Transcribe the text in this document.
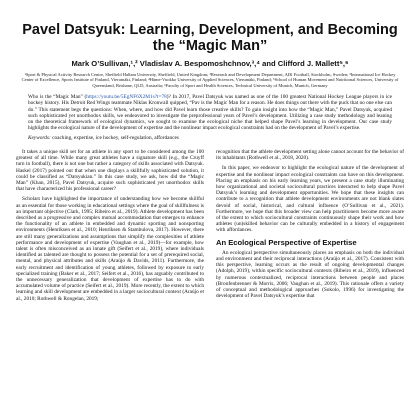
Pavel Datsyuk: Learning, Development, and Becoming
the “Magic Man”
Mark O’Sullivan,¹,² Vladislav A. Bespomoshchnov,³,⁴ and Clifford J. Mallett⁵,⁶
¹Sport & Physical Activity Research Centre, Sheffield Hallam University, Sheffield, United Kingdom; ²Research and Development Department, AIK Football, Stockholm, Sweden; ³International Ice Hockey Center of Excellence, Sports Institute of Finland, Vierumäki, Finland; ⁴Häme-Vuokko University of Applied Sciences, Vierumäki, Finland; ⁵School of Human Movement and Nutritional Sciences, University of Queensland, Brisbane, QLD, Australia; ⁶Faculty of Sport and Health Sciences, Technical University of Munich, Munich, Germany
Who is the “Magic Man” (https://youtu.be/5EgNF6X2M1s?t=78)? In 2017, Pavel Datsyuk was named as one of the 100 greatest National Hockey League players in ice hockey history. His Detroit Red Wings teammate Niklas Kronwall quipped, “Pav is the Magic Man for a reason. He does things out there with the puck that no one else can do.” This statement begs the questions: When, where, and how did Pavel learn those creative skills? To gain insight into how the “Magic Man,” Pavel Datsyuk, acquired such sophisticated yet unorthodox skills, we endeavored to investigate the preprofessional years of Pavel’s development. Utilizing a case study methodology and leaning on the theoretical framework of ecological dynamics, we sought to examine the ecological niche that helped shape Pavel’s learning in development. Our case study highlights the ecological nature of the development of expertise and the nonlinear impact ecological constraints had on the development of Pavel’s expertise.
Keywords: coaching, expertise, ice hockey, self-regulation, affordances

It takes a unique skill set for an athlete in any sport to be considered among the 100 greatest of all time. While many great athletes have a signature skill (e.g., the Cruyff turn in football), there is not one but rather a category of skills associated with Datsyuk. Haskel (2017) pointed out that when one displays a skillfully sophisticated solution, it could be classified as “Datsyukian.” In this case study, we ask, how did the “Magic Man” (Khan, 2015), Pavel Datsyuk, acquire such sophisticated yet unorthodox skills that have characterized his professional career?

Scholars have highlighted the importance of understanding how we become skillful as an essential for those working in educational settings where the goal of skillfulness is an important objective (Clark, 1995; Ribeiro et al., 2019). Athlete development has been described as a progressive and complex mutual accommodation that emerges to enhance the functionality of an athlete in embedded and dynamic sporting and nonsporting environments (Henriksen et al., 2010; Henriksen & Stambulova, 2017). However, there are still many generalizations and assumptions that simplify the complexities of athlete performance and development of expertise (Vaughan et al., 2019)—for example, how talent is often misconceived as an innate gift (Seifert et al., 2019), where individuals identified as talented are thought to possess the potential for a set of prerequired social, mental, and physical attributes and skills (Araújo & Davids, 2011). Furthermore, the early recruitment and identification of young athletes, followed by exposure to early specialized training (Baker et al., 2017; Seifert et al., 2016), has arguably contributed to the unnecessary generalization that development of expertise has to do with accumulated volume of practice (Seifert et al., 2019). More recently, the extent to which learning and skill development are embedded in a larger sociocultural context (Araújo et al., 2010; Rothwell & Rongelan, 2019;

recognition that the athlete development setting alone cannot account for the behavior of its inhabitants (Rothwell et al., 2018, 2020).

In this paper, we endeavor to highlight the ecological nature of the development of expertise and the nonlinear impact ecological constraints can have on this development. Placing an emphasis on his early learning years, we present a case study illuminating how organizational and societal sociocultural practices interacted to help shape Pavel Datsyuk’s learning and development opportunities. We hope that these insights can contribute to a recognition that athlete development environments are not blank slates devoid of social, historical, and cultural influence (O’Sullivan et al., 2021). Furthermore, we hope that this broader view can help practitioners become more aware of the extent to which sociocultural constraints continuously shape their work and how athletes (un)skilled behavior can be culturally embedded in a history of engagement with affordances.

An Ecological Perspective of Expertise

An ecological perspective simultaneously places an emphasis on both the individual and environment and their reciprocal interactions (Araújo et al., 2017). Consistent with this perspective, learning occurs as the result of ongoing developmental changes (Adolph, 2019), within specific sociocultural contexts (Ribeiro et al., 2019), influenced by numerous contextualized, reciprocal interactions between people and places (Bronfenbrenner & Morris, 2006; Vaughan et al., 2019). This rationale offers a variety of conceptual and methodological approaches (Sokolo, 1996) for investigating the development of Pavel Datsyuk’s expertise that
